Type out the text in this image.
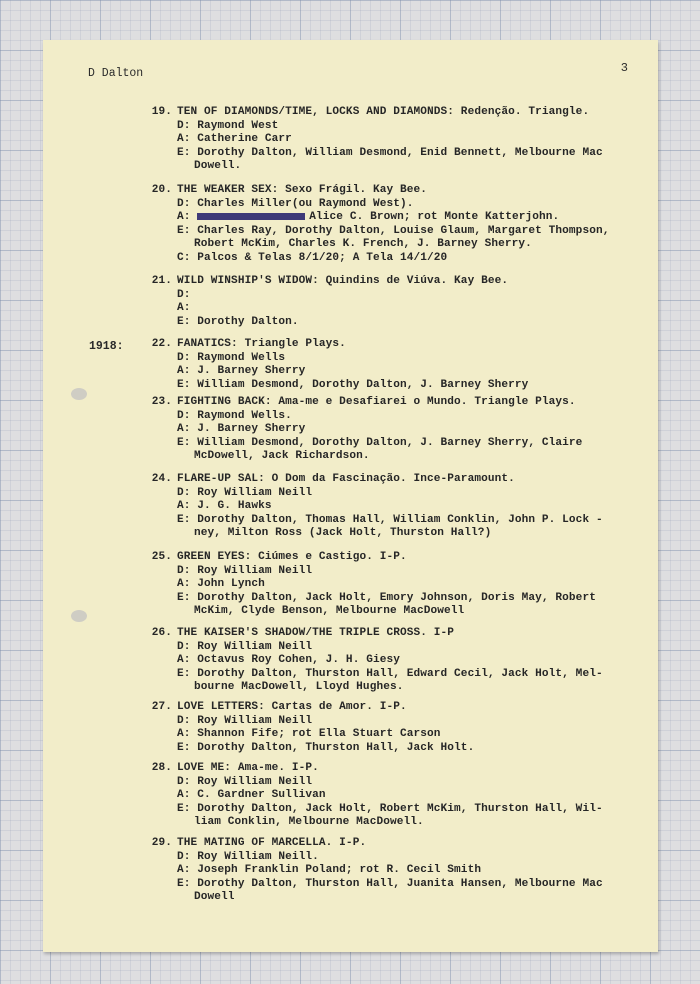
D Dalton	3
1918:
19. TEN OF DIAMONDS/TIME, LOCKS AND DIAMONDS: Redenção. Triangle.
D: Raymond West
A: Catherine Carr
E: Dorothy Dalton, William Desmond, Enid Bennett, Melbourne Mac
Dowell.
20. THE WEAKER SEX: Sexo Frágil. Kay Bee.
D: Charles Miller(ou Raymond West).
A:	Alice C. Brown; rot Monte Katterjohn.
E: Charles Ray, Dorothy Dalton, Louise Glaum, Margaret Thompson,
Robert McKim, Charles K. French, J. Barney Sherry.
C: Palcos & Telas 8/1/20; A Tela 14/1/20
21. WILD WINSHIP'S WIDOW: Quindins de Viúva. Kay Bee.
D:
A:
E: Dorothy Dalton.
22. FANATICS: Triangle Plays.
D: Raymond Wells
A: J. Barney Sherry
E: William Desmond, Dorothy Dalton, J. Barney Sherry
23. FIGHTING BACK: Ama-me e Desafiarei o Mundo. Triangle Plays.
D: Raymond Wells.
A: J. Barney Sherry
E: William Desmond, Dorothy Dalton, J. Barney Sherry, Claire
McDowell, Jack Richardson.
24. FLARE-UP SAL: O Dom da Fascinação. Ince-Paramount.
D: Roy William Neill
A: J. G. Hawks
E: Dorothy Dalton, Thomas Hall, William Conklin, John P. Lock -
ney, Milton Ross (Jack Holt, Thurston Hall?)
25. GREEN EYES: Ciúmes e Castigo. I-P.
D: Roy William Neill
A: John Lynch
E: Dorothy Dalton, Jack Holt, Emory Johnson, Doris May, Robert
McKim, Clyde Benson, Melbourne MacDowell
26. THE KAISER'S SHADOW/THE TRIPLE CROSS. I-P
D: Roy William Neill
A: Octavus Roy Cohen, J. H. Giesy
E: Dorothy Dalton, Thurston Hall, Edward Cecil, Jack Holt, Mel-
bourne MacDowell, Lloyd Hughes.
27. LOVE LETTERS: Cartas de Amor. I-P.
D: Roy William Neill
A: Shannon Fife; rot Ella Stuart Carson
E: Dorothy Dalton, Thurston Hall, Jack Holt.
28. LOVE ME: Ama-me. I-P.
D: Roy William Neill
A: C. Gardner Sullivan
E: Dorothy Dalton, Jack Holt, Robert McKim, Thurston Hall, Wil-
liam Conklin, Melbourne MacDowell.
29. THE MATING OF MARCELLA. I-P.
D: Roy William Neill.
A: Joseph Franklin Poland; rot R. Cecil Smith
E: Dorothy Dalton, Thurston Hall, Juanita Hansen, Melbourne Mac
Dowell
